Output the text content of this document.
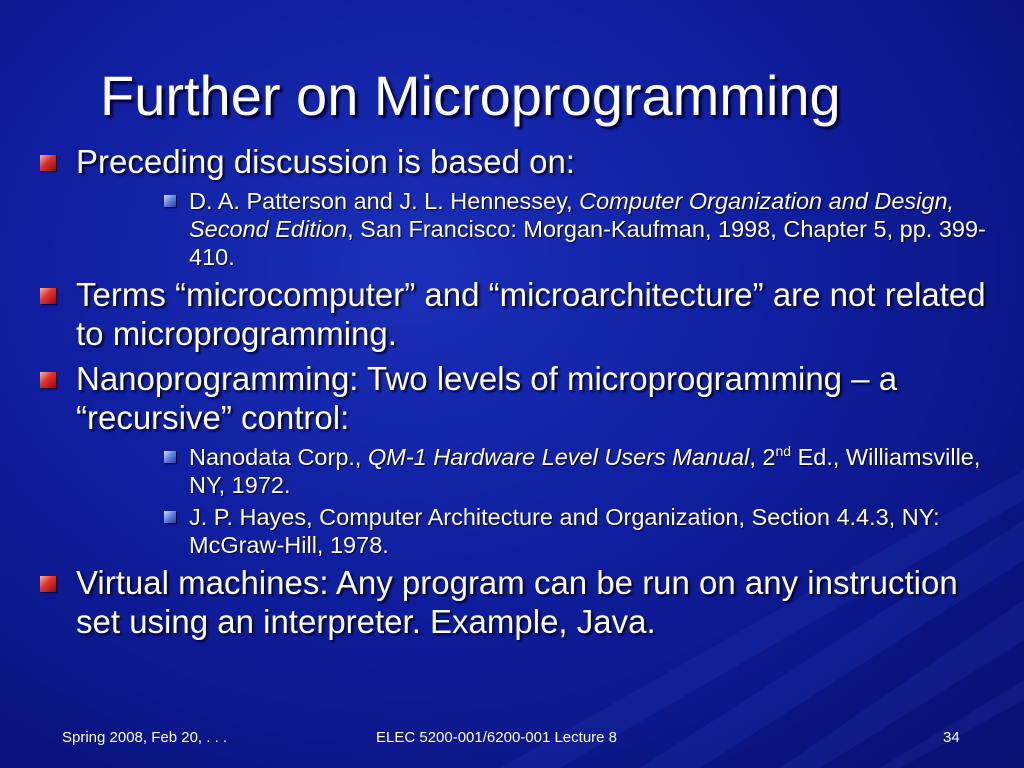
Further on Microprogramming
Preceding discussion is based on:
D. A. Patterson and J. L. Hennessey, Computer Organization and Design, Second Edition, San Francisco: Morgan-Kaufman, 1998, Chapter 5, pp. 399-410.
Terms “microcomputer” and “microarchitecture” are not related to microprogramming.
Nanoprogramming: Two levels of microprogramming – a “recursive” control:
Nanodata Corp., QM-1 Hardware Level Users Manual, 2nd Ed., Williamsville, NY, 1972.
J. P. Hayes, Computer Architecture and Organization, Section 4.4.3, NY: McGraw-Hill, 1978.
Virtual machines: Any program can be run on any instruction set using an interpreter. Example, Java.
Spring 2008, Feb 20, . . .	ELEC 5200-001/6200-001 Lecture 8	34
